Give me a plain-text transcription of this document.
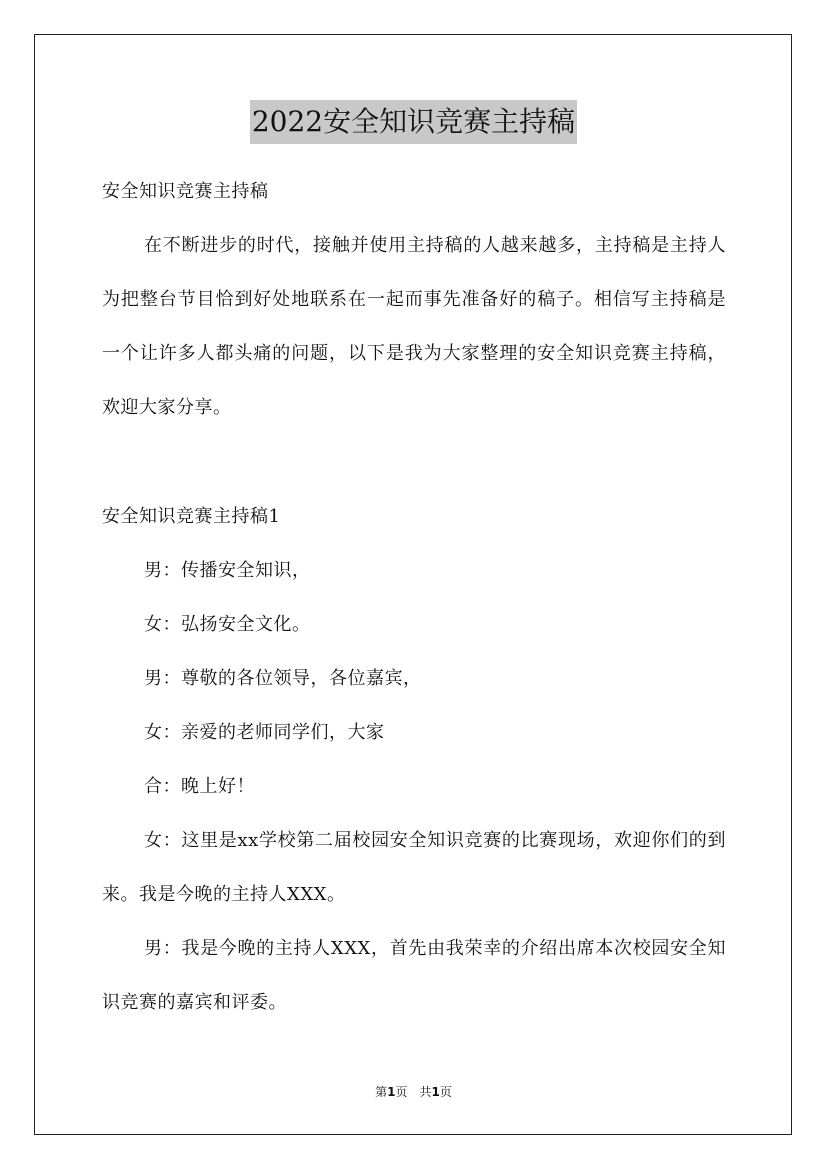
2022安全知识竞赛主持稿

安全知识竞赛主持稿

在不断进步的时代，接触并使用主持稿的人越来越多，主持稿是主持人为把整台节目恰到好处地联系在一起而事先准备好的稿子。相信写主持稿是一个让许多人都头痛的问题，以下是我为大家整理的安全知识竞赛主持稿，欢迎大家分享。

安全知识竞赛主持稿1

男：传播安全知识，

女：弘扬安全文化。

男：尊敬的各位领导，各位嘉宾，

女：亲爱的老师同学们，大家

合：晚上好！

女：这里是xx学校第二届校园安全知识竞赛的比赛现场，欢迎你们的到来。我是今晚的主持人XXX。

男：我是今晚的主持人XXX，首先由我荣幸的介绍出席本次校园安全知识竞赛的嘉宾和评委。

第1页　共1页
